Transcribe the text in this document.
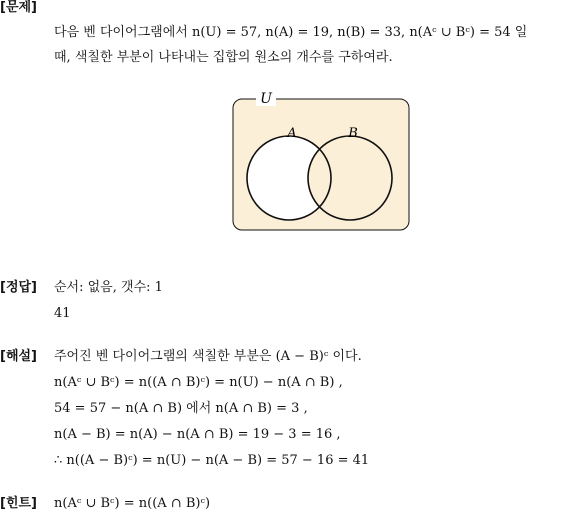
[문제]
다음 벤 다이어그램에서 n(U) = 57, n(A) = 19, n(B) = 33, n(Aᶜ ∪ Bᶜ) = 54 일
때, 색칠한 부분이 나타내는 집합의 원소의 개수를 구하여라.
U
A	B
[정답] 순서: 없음, 갯수: 1
41
[해설] 주어진 벤 다이어그램의 색칠한 부분은 (A − B)ᶜ 이다.
n(Aᶜ ∪ Bᶜ) = n((A ∩ B)ᶜ) = n(U) − n(A ∩ B) ,
54 = 57 − n(A ∩ B) 에서 n(A ∩ B) = 3 ,
n(A − B) = n(A) − n(A ∩ B) = 19 − 3 = 16 ,
∴ n((A − B)ᶜ) = n(U) − n(A − B) = 57 − 16 = 41
[힌트] n(Aᶜ ∪ Bᶜ) = n((A ∩ B)ᶜ)
